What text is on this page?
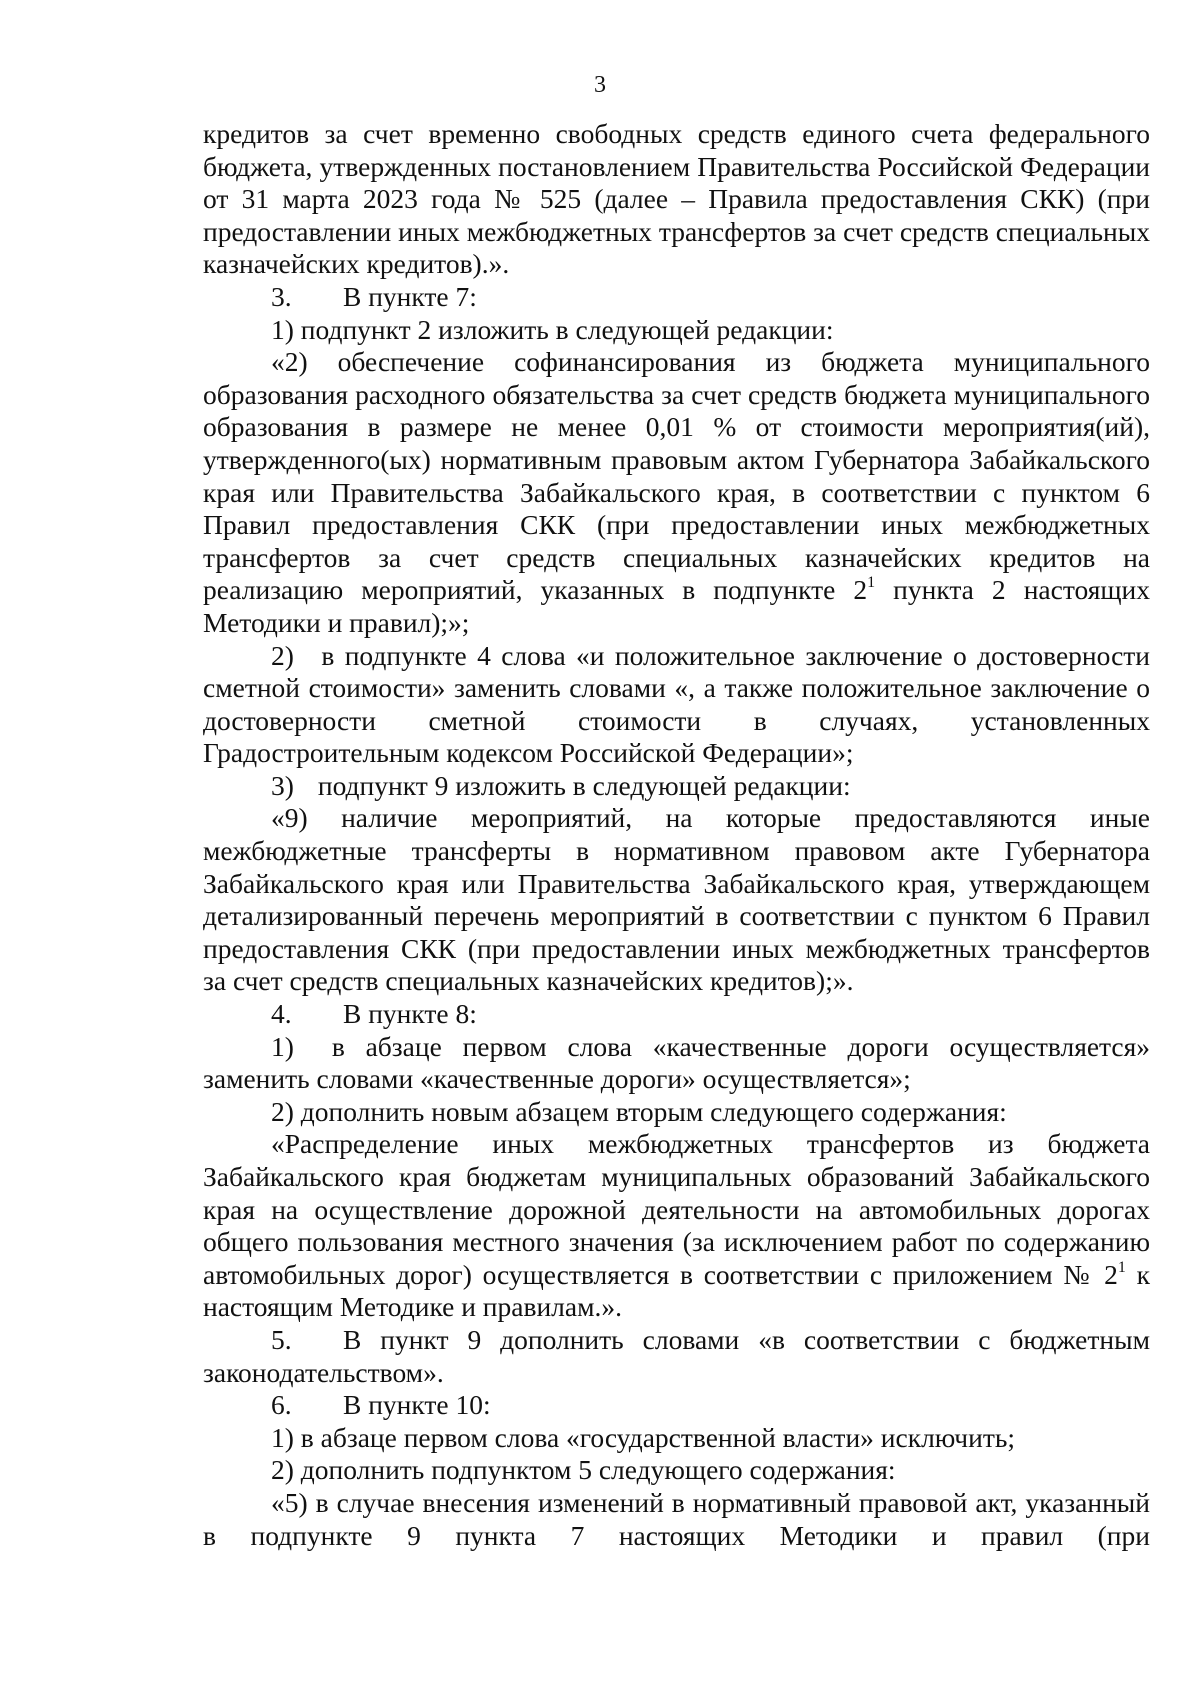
3

кредитов за счет временно свободных средств единого счета федерального бюджета, утвержденных постановлением Правительства Российской Федерации от 31 марта 2023 года № 525 (далее – Правила предоставления СКК) (при предоставлении иных межбюджетных трансфертов за счет средств специальных казначейских кредитов).».

3. В пункте 7:

1) подпункт 2 изложить в следующей редакции:

«2) обеспечение софинансирования из бюджета муниципального образования расходного обязательства за счет средств бюджета муниципального образования в размере не менее 0,01 % от стоимости мероприятия(ий), утвержденного(ых) нормативным правовым актом Губернатора Забайкальского края или Правительства Забайкальского края, в соответствии с пунктом 6 Правил предоставления СКК (при предоставлении иных межбюджетных трансфертов за счет средств специальных казначейских кредитов на реализацию мероприятий, указанных в подпункте $2^1$ пункта 2 настоящих Методики и правил);»;

2) в подпункте 4 слова «и положительное заключение о достоверности сметной стоимости» заменить словами «, а также положительное заключение о достоверности сметной стоимости в случаях, установленных Градостроительным кодексом Российской Федерации»;

3) подпункт 9 изложить в следующей редакции:

«9) наличие мероприятий, на которые предоставляются иные межбюджетные трансферты в нормативном правовом акте Губернатора Забайкальского края или Правительства Забайкальского края, утверждающем детализированный перечень мероприятий в соответствии с пунктом 6 Правил предоставления СКК (при предоставлении иных межбюджетных трансфертов за счет средств специальных казначейских кредитов);».

4. В пункте 8:

1) в абзаце первом слова «качественные дороги осуществляется» заменить словами «качественные дороги» осуществляется»;

2) дополнить новым абзацем вторым следующего содержания:

«Распределение иных межбюджетных трансфертов из бюджета Забайкальского края бюджетам муниципальных образований Забайкальского края на осуществление дорожной деятельности на автомобильных дорогах общего пользования местного значения (за исключением работ по содержанию автомобильных дорог) осуществляется в соответствии с приложением № $2^1$ к настоящим Методике и правилам.».

5. В пункт 9 дополнить словами «в соответствии с бюджетным законодательством».

6. В пункте 10:

1) в абзаце первом слова «государственной власти» исключить;

2) дополнить подпунктом 5 следующего содержания:

«5) в случае внесения изменений в нормативный правовой акт, указанный в подпункте 9 пункта 7 настоящих Методики и правил (при
